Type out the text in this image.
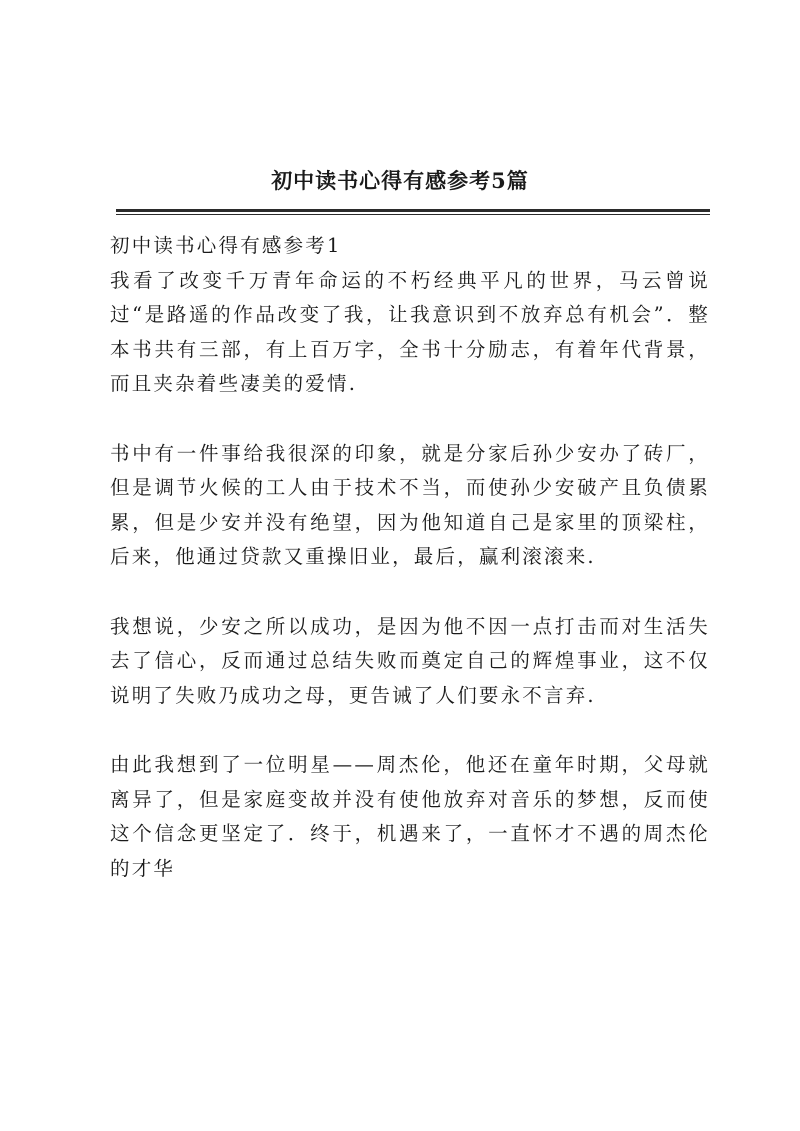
初中读书心得有感参考5篇

初中读书心得有感参考1

我看了改变千万青年命运的不朽经典平凡的世界，马云曾说过“是路遥的作品改变了我，让我意识到不放弃总有机会”．整本书共有三部，有上百万字，全书十分励志，有着年代背景，而且夹杂着些凄美的爱情.

书中有一件事给我很深的印象，就是分家后孙少安办了砖厂，但是调节火候的工人由于技术不当，而使孙少安破产且负债累累，但是少安并没有绝望，因为他知道自己是家里的顶梁柱，后来，他通过贷款又重操旧业，最后，赢利滚滚来.

我想说，少安之所以成功，是因为他不因一点打击而对生活失去了信心，反而通过总结失败而奠定自己的辉煌事业，这不仅说明了失败乃成功之母，更告诫了人们要永不言弃.

由此我想到了一位明星——周杰伦，他还在童年时期，父母就离异了，但是家庭变故并没有使他放弃对音乐的梦想，反而使这个信念更坚定了．终于，机遇来了，一直怀才不遇的周杰伦的才华
